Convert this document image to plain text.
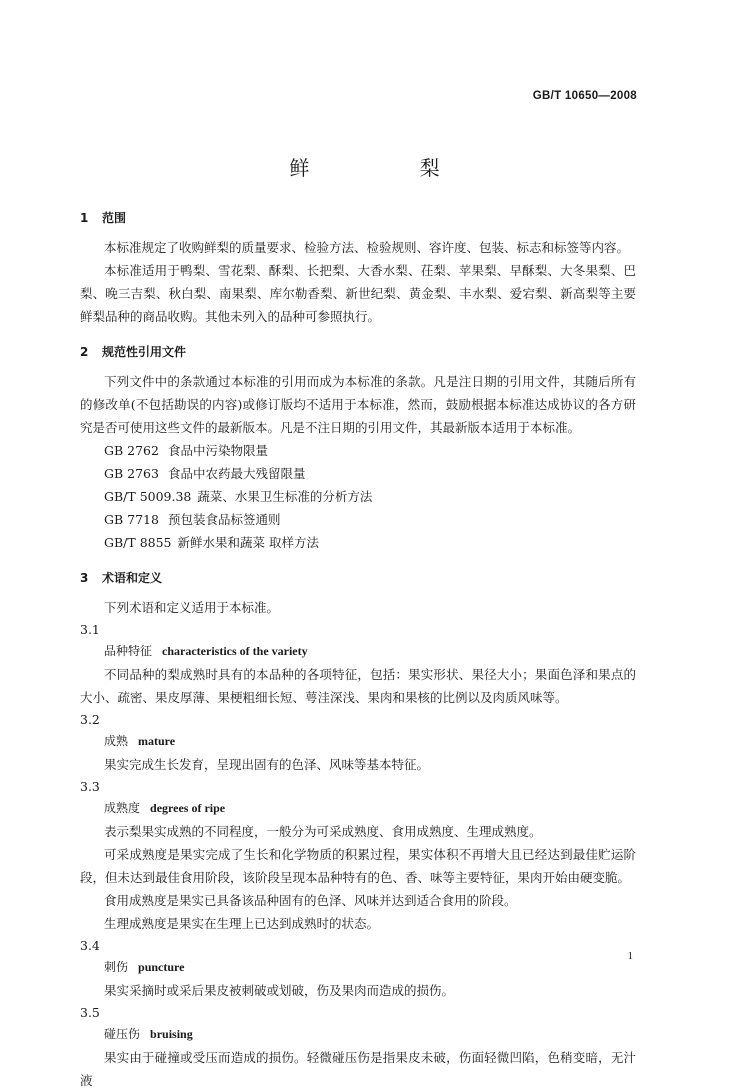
GB/T 10650—2008
鲜 梨
1 范围

本标准规定了收购鲜梨的质量要求、检验方法、检验规则、容许度、包装、标志和标签等内容。

本标准适用于鸭梨、雪花梨、酥梨、长把梨、大香水梨、茌梨、苹果梨、早酥梨、大冬果梨、巴梨、晚三吉梨、秋白梨、南果梨、库尔勒香梨、新世纪梨、黄金梨、丰水梨、爱宕梨、新高梨等主要鲜梨品种的商品收购。其他未列入的品种可参照执行。

2 规范性引用文件

下列文件中的条款通过本标准的引用而成为本标准的条款。凡是注日期的引用文件，其随后所有的修改单(不包括勘误的内容)或修订版均不适用于本标准，然而，鼓励根据本标准达成协议的各方研究是否可使用这些文件的最新版本。凡是不注日期的引用文件，其最新版本适用于本标准。

GB 2762 食品中污染物限量

GB 2763 食品中农药最大残留限量

GB/T 5009.38 蔬菜、水果卫生标准的分析方法

GB 7718 预包装食品标签通则

GB/T 8855 新鲜水果和蔬菜 取样方法

3 术语和定义

下列术语和定义适用于本标准。

3.1

品种特征 characteristics of the variety

不同品种的梨成熟时具有的本品种的各项特征，包括：果实形状、果径大小；果面色泽和果点的大小、疏密、果皮厚薄、果梗粗细长短、萼洼深浅、果肉和果核的比例以及肉质风味等。

3.2

成熟 mature

果实完成生长发育，呈现出固有的色泽、风味等基本特征。

3.3

成熟度 degrees of ripe

表示梨果实成熟的不同程度，一般分为可采成熟度、食用成熟度、生理成熟度。

可采成熟度是果实完成了生长和化学物质的积累过程，果实体积不再增大且已经达到最佳贮运阶段，但未达到最佳食用阶段，该阶段呈现本品种特有的色、香、味等主要特征，果肉开始由硬变脆。

食用成熟度是果实已具备该品种固有的色泽、风味并达到适合食用的阶段。

生理成熟度是果实在生理上已达到成熟时的状态。

3.4

刺伤 puncture

果实采摘时或采后果皮被刺破或划破，伤及果肉而造成的损伤。

3.5

碰压伤 bruising

果实由于碰撞或受压而造成的损伤。轻微碰压伤是指果皮未破，伤面轻微凹陷，色稍变暗，无汁液

1
